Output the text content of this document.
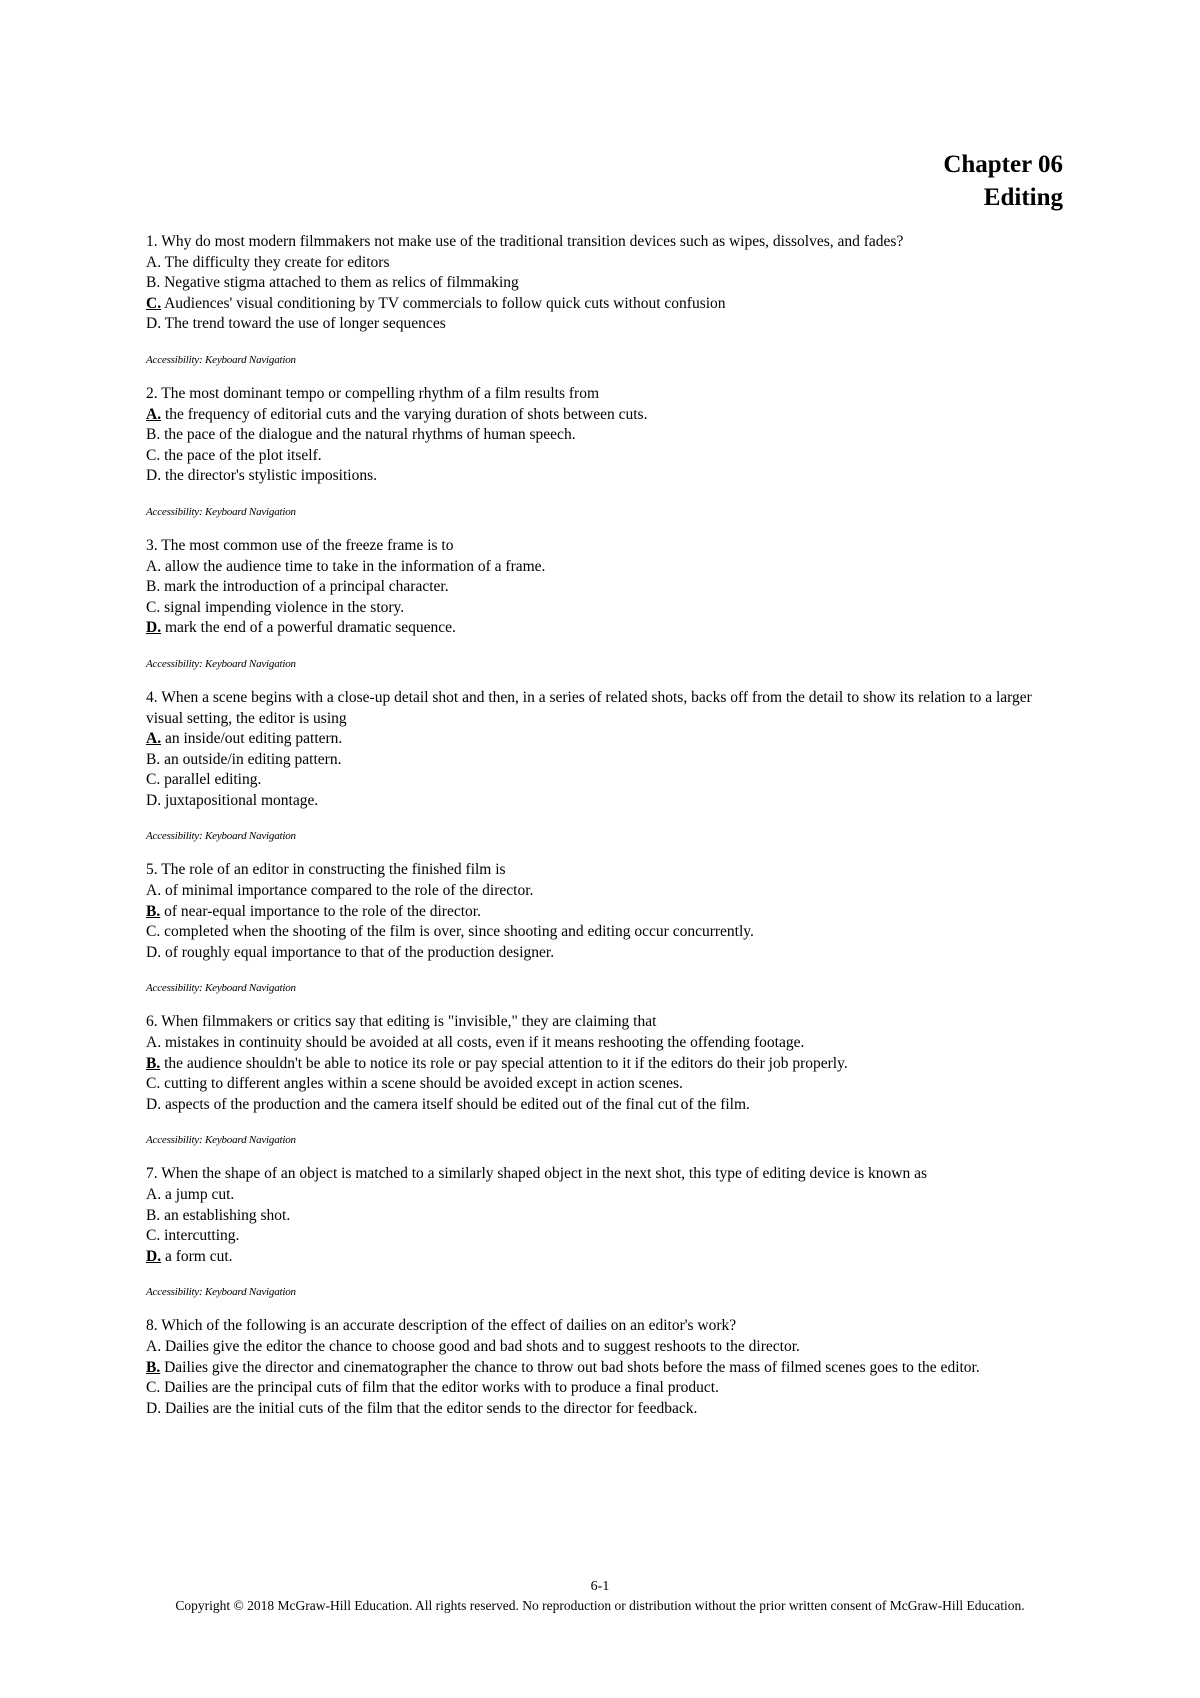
Chapter 06
Editing
1. Why do most modern filmmakers not make use of the traditional transition devices such as wipes, dissolves, and fades?
A. The difficulty they create for editors
B. Negative stigma attached to them as relics of filmmaking
C. Audiences' visual conditioning by TV commercials to follow quick cuts without confusion
D. The trend toward the use of longer sequences
Accessibility: Keyboard Navigation
2. The most dominant tempo or compelling rhythm of a film results from
A. the frequency of editorial cuts and the varying duration of shots between cuts.
B. the pace of the dialogue and the natural rhythms of human speech.
C. the pace of the plot itself.
D. the director's stylistic impositions.
Accessibility: Keyboard Navigation
3. The most common use of the freeze frame is to
A. allow the audience time to take in the information of a frame.
B. mark the introduction of a principal character.
C. signal impending violence in the story.
D. mark the end of a powerful dramatic sequence.
Accessibility: Keyboard Navigation
4. When a scene begins with a close-up detail shot and then, in a series of related shots, backs off from the detail to show its relation to a larger visual setting, the editor is using
A. an inside/out editing pattern.
B. an outside/in editing pattern.
C. parallel editing.
D. juxtapositional montage.
Accessibility: Keyboard Navigation
5. The role of an editor in constructing the finished film is
A. of minimal importance compared to the role of the director.
B. of near-equal importance to the role of the director.
C. completed when the shooting of the film is over, since shooting and editing occur concurrently.
D. of roughly equal importance to that of the production designer.
Accessibility: Keyboard Navigation
6. When filmmakers or critics say that editing is "invisible," they are claiming that
A. mistakes in continuity should be avoided at all costs, even if it means reshooting the offending footage.
B. the audience shouldn't be able to notice its role or pay special attention to it if the editors do their job properly.
C. cutting to different angles within a scene should be avoided except in action scenes.
D. aspects of the production and the camera itself should be edited out of the final cut of the film.
Accessibility: Keyboard Navigation
7. When the shape of an object is matched to a similarly shaped object in the next shot, this type of editing device is known as
A. a jump cut.
B. an establishing shot.
C. intercutting.
D. a form cut.
Accessibility: Keyboard Navigation
8. Which of the following is an accurate description of the effect of dailies on an editor's work?
A. Dailies give the editor the chance to choose good and bad shots and to suggest reshoots to the director.
B. Dailies give the director and cinematographer the chance to throw out bad shots before the mass of filmed scenes goes to the editor.
C. Dailies are the principal cuts of film that the editor works with to produce a final product.
D. Dailies are the initial cuts of the film that the editor sends to the director for feedback.
6-1
Copyright © 2018 McGraw-Hill Education. All rights reserved. No reproduction or distribution without the prior written consent of McGraw-Hill Education.
